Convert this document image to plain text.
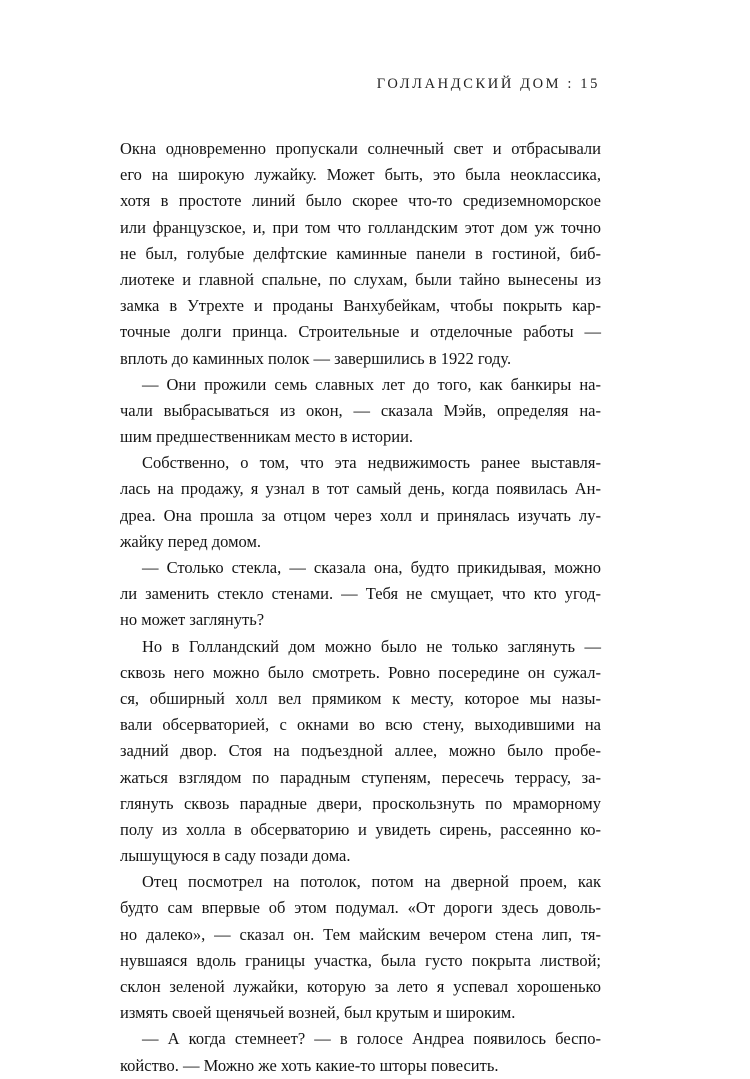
ГОЛЛАНДСКИЙ ДОМ : 15

Окна одновременно пропускали солнечный свет и отбрасывали
его на широкую лужайку. Может быть, это была неоклассика,
хотя в простоте линий было скорее что-то средиземноморское
или французское, и, при том что голландским этот дом уж точно
не был, голубые делфтские каминные панели в гостиной, биб-
лиотеке и главной спальне, по слухам, были тайно вынесены из
замка в Утрехте и проданы Ванхубейкам, чтобы покрыть кар-
точные долги принца. Строительные и отделочные работы —
вплоть до каминных полок — завершились в 1922 году.

— Они прожили семь славных лет до того, как банкиры на-
чали выбрасываться из окон, — сказала Мэйв, определяя на-
шим предшественникам место в истории.

Собственно, о том, что эта недвижимость ранее выставля-
лась на продажу, я узнал в тот самый день, когда появилась Ан-
дреа. Она прошла за отцом через холл и принялась изучать лу-
жайку перед домом.

— Столько стекла, — сказала она, будто прикидывая, можно
ли заменить стекло стенами. — Тебя не смущает, что кто угод-
но может заглянуть?

Но в Голландский дом можно было не только заглянуть —
сквозь него можно было смотреть. Ровно посередине он сужал-
ся, обширный холл вел прямиком к месту, которое мы назы-
вали обсерваторией, с окнами во всю стену, выходившими на
задний двор. Стоя на подъездной аллее, можно было пробе-
жаться взглядом по парадным ступеням, пересечь террасу, за-
глянуть сквозь парадные двери, проскользнуть по мраморному
полу из холла в обсерваторию и увидеть сирень, рассеянно ко-
лышущуюся в саду позади дома.

Отец посмотрел на потолок, потом на дверной проем, как
будто сам впервые об этом подумал. «От дороги здесь доволь-
но далеко», — сказал он. Тем майским вечером стена лип, тя-
нувшаяся вдоль границы участка, была густо покрыта листвой;
склон зеленой лужайки, которую за лето я успевал хорошенько
измять своей щенячьей возней, был крутым и широким.

— А когда стемнеет? — в голосе Андреа появилось беспо-
койство. — Можно же хоть какие-то шторы повесить.
